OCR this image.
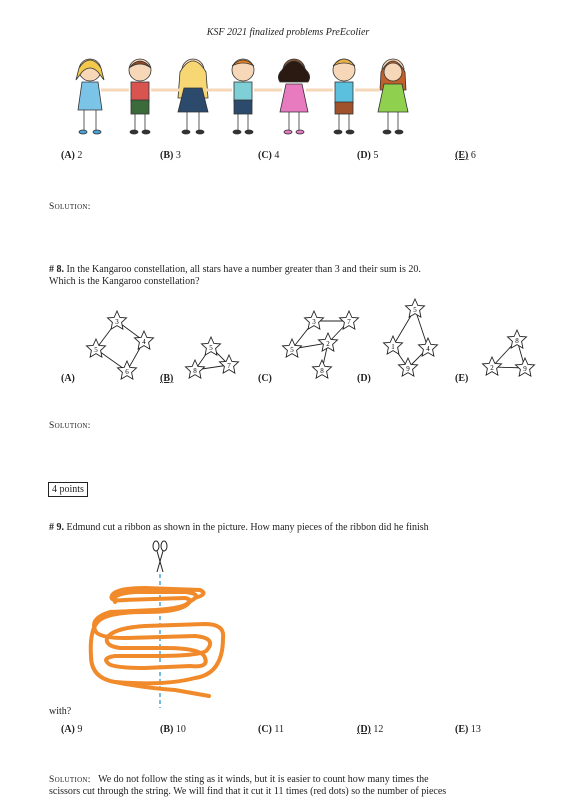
KSF 2021 finalized problems PreEcolier
(A) 2	(B) 3	(C) 4	(D) 5	(E) 6
Solution:
# 8. In the Kangaroo constellation, all stars have a number greater than 3 and their sum is 20.
Which is the Kangaroo constellation?
3
4
5
6
5
8
7
3	7
2
5
8
5
1	4
9
8
2	9
(A)	(B)	(C)	(D)	(E)
Solution:
4 points
# 9. Edmund cut a ribbon as shown in the picture. How many pieces of the ribbon did he finish
with?
(A) 9	(B) 10	(C) 11	(D) 12	(E) 13
Solution: We do not follow the sting as it winds, but it is easier to count how many times the
scissors cut through the string. We will find that it cut it 11 times (red dots) so the number of pieces
